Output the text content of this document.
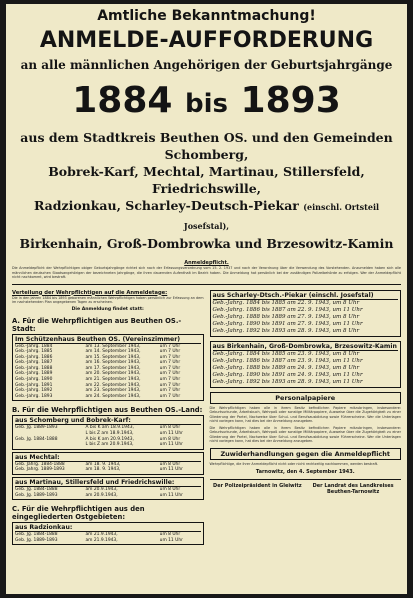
Amtliche Bekanntmachung!
ANMELDE-AUFFORDERUNG
an alle männlichen Angehörigen der Geburtsjahrgänge
1884 bis 1893
aus dem Stadtkreis Beuthen OS. und den Gemeinden Schomberg,
Bobrek-Karf, Mechtal, Martinau, Stillersfeld, Friedrichswille,
Radzionkau, Scharley-Deutsch-Piekar (einschl. Ortsteil Josefstal),
Birkenhain, Groß-Dombrowka und Brzesowitz-Kamin
Anmeldepflicht.
Die Anmeldepflicht der Wehrpflichtigen obiger Geburtsjahrgänge richtet sich nach der Erfassungsverordnung vom 15. 2. 1937 und nach der Verordnung über die Verwendung des Vorstehenden. Anzumelden haben sich alle männlichen deutschen Staatsangehörigen der bezeichneten Jahrgänge, die ihren dauernden Aufenthalt im Bezirk haben. Die Anmeldung hat persönlich bei der zuständigen Polizeibehörde zu erfolgen. Wer der Anmeldepflicht nicht nachkommt, wird bestraft.
Verteilung der Wehrpflichtigen auf die Anmeldetage:
Die in den Jahren 1884 bis 1893 geborenen männlichen Wehrpflichtigen haben persönlich zur Erfassung an dem im nachstehenden Plan angegebenen Tagen zu erscheinen.
Die Anmeldung findet statt:
A. Für die Wehrpflichtigen aus Beuthen OS.-Stadt:
Im Schützenhaus Beuthen OS. (Vereinszimmer)
Geb.-Jahrg. 1884	am 13. September 1943,	um 7 Uhr
Geb.-Jahrg. 1885	am 14. September 1943,	um 7 Uhr
Geb.-Jahrg. 1886	am 15. September 1943,	um 7 Uhr
Geb.-Jahrg. 1887	am 16. September 1943,	um 7 Uhr
Geb.-Jahrg. 1888	am 17. September 1943,	um 7 Uhr
Geb.-Jahrg. 1889	am 20. September 1943,	um 7 Uhr
Geb.-Jahrg. 1890	am 21. September 1943,	um 7 Uhr
Geb.-Jahrg. 1891	am 22. September 1943,	um 7 Uhr
Geb.-Jahrg. 1892	am 23. September 1943,	um 7 Uhr
Geb.-Jahrg. 1893	am 24. September 1943,	um 7 Uhr
B. Für die Wehrpflichtigen aus Beuthen OS.-Land:
aus Schomberg und Bobrek-Karf:
Geb. Jg. 1889-1893	A bis K am 18.9.1943,	um 8 Uhr
L bis Z am 18.9.1943,	um 11 Uhr
Geb. Jg. 1884-1888	A bis K am 20.9.1943,	um 8 Uhr
L bis Z am 20.9.1943,	um 11 Uhr
aus Mechtal:
Geb. Jahrg. 1884-1888	am 18. 9. 1943,	um 8 Uhr
Geb. Jahrg. 1889-1893	am 18. 9. 1943,	um 11 Uhr
aus Martinau, Stillersfeld und Friedrichswille:
Geb. Jg. 1884-1888	am 20.9.1943,	um 8 Uhr
Geb. Jg. 1889-1893	am 20.9.1943,	um 11 Uhr
C. Für die Wehrpflichtigen aus den eingegliederten Ostgebieten:
aus Radzionkau:
Geb. Jg. 1884-1888	am 21.9.1943,	um 8 Uhr
Geb. Jg. 1889-1893	am 21.9.1943,	um 11 Uhr
aus Scharley-Dtsch.-Piekar (einschl. Josefstal)
Geb.-Jahrg. 1884 bis 1885 am 22. 9. 1943, um 8 Uhr
Geb.-Jahrg. 1886 bis 1887 am 22. 9. 1943, um 11 Uhr
Geb.-Jahrg. 1888 bis 1889 am 27. 9. 1943, um 8 Uhr
Geb.-Jahrg. 1890 bis 1891 am 27. 9. 1943, um 11 Uhr
Geb.-Jahrg. 1892 bis 1893 am 28. 9. 1943, um 8 Uhr
aus Birkenhain, Groß-Dombrowka, Brzesowitz-Kamin
Geb.-Jahrg. 1884 bis 1885 am 23. 9. 1943, um 8 Uhr
Geb.-Jahrg. 1886 bis 1887 am 23. 9. 1943, um 11 Uhr
Geb.-Jahrg. 1888 bis 1889 am 24. 9. 1943, um 8 Uhr
Geb.-Jahrg. 1890 bis 1891 am 24. 9. 1943, um 11 Uhr
Geb.-Jahrg. 1892 bis 1893 am 28. 9. 1943, um 11 Uhr
Personalpapiere
Die Wehrpflichtigen haben alle in ihrem Besitz befindlichen Papiere mitzubringen, insbesondere: Geburtsurkunde, Arbeitsbuch, Wehrpaß oder sonstige Militärpapiere, Ausweise über die Zugehörigkeit zu einer Gliederung der Partei, Nachweise über Schul- und Berufsausbildung sowie Führerscheine. Wer die Unterlagen nicht vorlegen kann, hat dies bei der Anmeldung anzugeben.
Die Wehrpflichtigen haben alle in ihrem Besitz befindlichen Papiere mitzubringen, insbesondere: Geburtsurkunde, Arbeitsbuch, Wehrpaß oder sonstige Militärpapiere, Ausweise über die Zugehörigkeit zu einer Gliederung der Partei, Nachweise über Schul- und Berufsausbildung sowie Führerscheine. Wer die Unterlagen nicht vorlegen kann, hat dies bei der Anmeldung anzugeben.
Zuwiderhandlungen gegen die Anmeldepflicht
Wehrpflichtige, die ihrer Anmeldepflicht nicht oder nicht rechtzeitig nachkommen, werden bestraft.
Tarnowitz, den 4. September 1943.
Der Polizeipräsident in Gleiwitz	Der Landrat des Landkreises Beuthen-Tarnowitz
